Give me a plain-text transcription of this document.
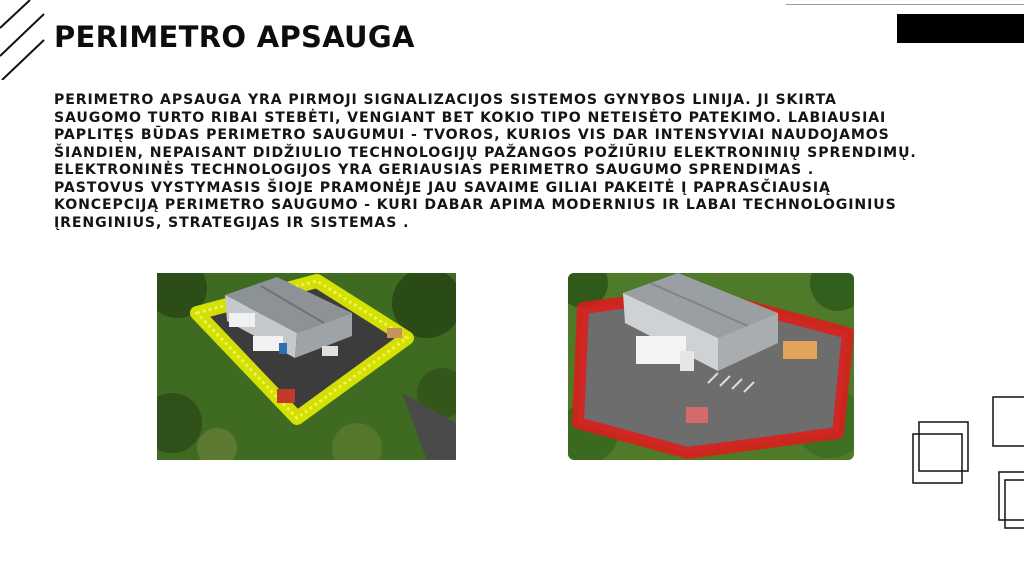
PERIMETRO APSAUGA
PERIMETRO APSAUGA YRA PIRMOJI SIGNALIZACIJOS SISTEMOS GYNYBOS LINIJA. JI SKIRTA
SAUGOMO TURTO RIBAI STEBĖTI, VENGIANT BET KOKIO TIPO NETEISĖTO PATEKIMO. LABIAUSIAI
PAPLITĘS BŪDAS PERIMETRO SAUGUMUI - TVOROS, KURIOS VIS DAR INTENSYVIAI NAUDOJAMOS
ŠIANDIEN, NEPAISANT DIDŽIULIO TECHNOLOGIJŲ PAŽANGOS POŽIŪRIU ELEKTRONINIŲ SPRENDIMŲ.
ELEKTRONINĖS TECHNOLOGIJOS YRA GERIAUSIAS PERIMETRO SAUGUMO SPRENDIMAS .
PASTOVUS VYSTYMASIS ŠIOJE PRAMONĖJE JAU SAVAIME GILIAI PAKEITĖ Į PAPRASČIAUSIĄ
KONCEPCIJĄ PERIMETRO SAUGUMO - KURI DABAR APIMA MODERNIUS IR LABAI TECHNOLOGINIUS
ĮRENGINIUS, STRATEGIJAS IR SISTEMAS .
